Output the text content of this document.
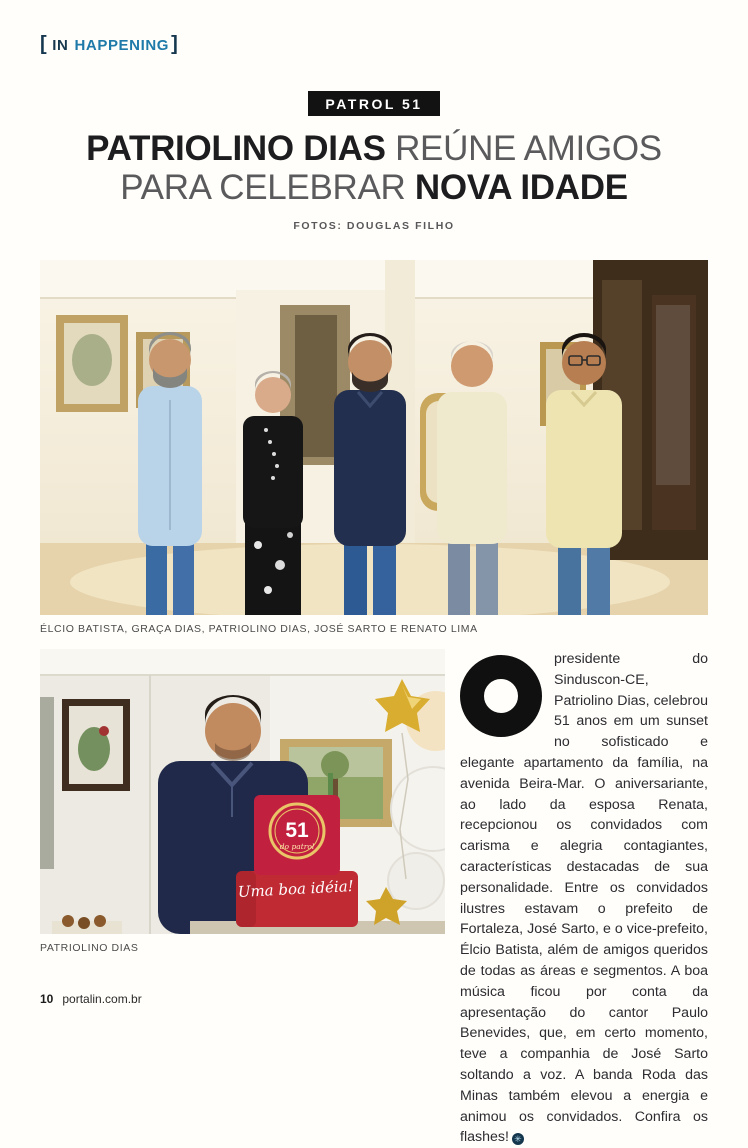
[ IN HAPPENING ]
PATROL 51
PATRIOLINO DIAS REÚNE AMIGOS
PARA CELEBRAR NOVA IDADE
FOTOS: DOUGLAS FILHO
ÉLCIO BATISTA, GRAÇA DIAS, PATRIOLINO DIAS, JOSÉ SARTO E RENATO LIMA
51
do patrol
Uma boa idéia!
PATRIOLINO DIAS
presidente do Sinduscon-CE, Patriolino Dias, celebrou 51 anos em um sunset no sofisticado e elegante apartamento da família, na avenida Beira-Mar. O aniversariante, ao lado da esposa Renata, recepcionou os convidados com carisma e alegria contagiantes, características destacadas de sua personalidade. Entre os convidados ilustres estavam o prefeito de Fortaleza, José Sarto, e o vice-prefeito, Élcio Batista, além de amigos queridos de todas as áreas e segmentos. A boa música ficou por conta da apresentação do cantor Paulo Benevides, que, em certo momento, teve a companhia de José Sarto soltando a voz. A banda Roda das Minas também elevou a energia e animou os convidados. Confira os flashes! ✳
10 portalin.com.br
